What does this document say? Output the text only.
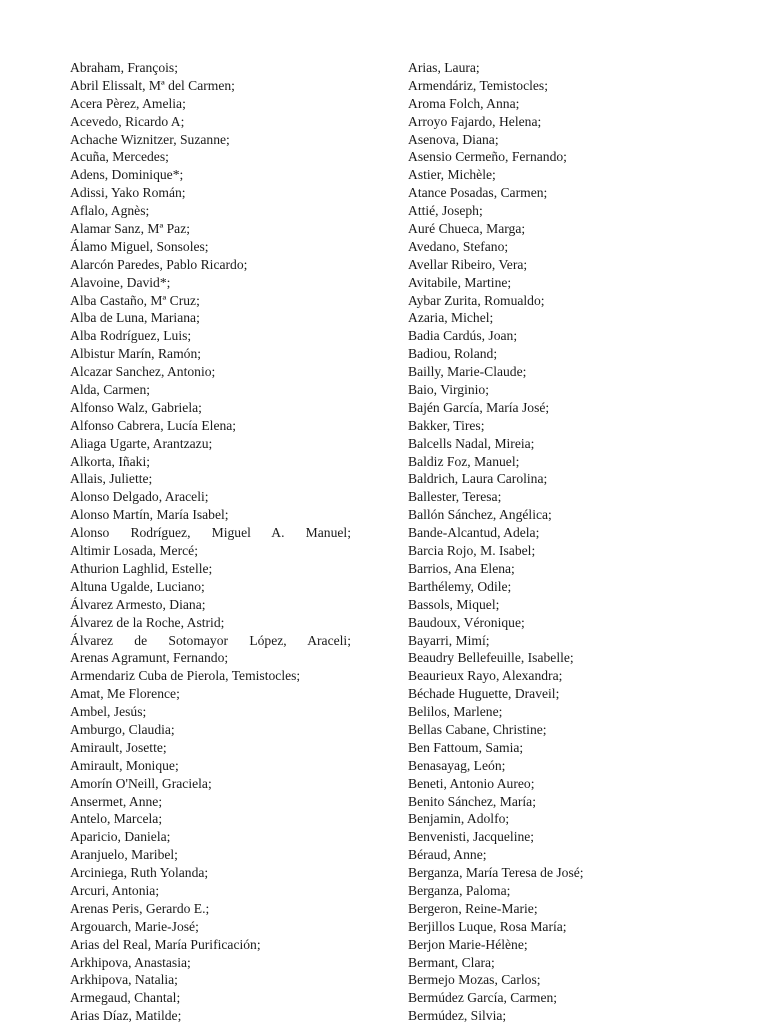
Abraham, François;
Abril Elissalt, Mª del Carmen;
Acera Pèrez, Amelia;
Acevedo, Ricardo A;
Achache Wiznitzer, Suzanne;
Acuña, Mercedes;
Adens, Dominique*;
Adissi, Yako Román;
Aflalo, Agnès;
Alamar Sanz, Mª Paz;
Álamo Miguel, Sonsoles;
Alarcón Paredes, Pablo Ricardo;
Alavoine, David*;
Alba Castaño, Mª Cruz;
Alba de Luna, Mariana;
Alba Rodríguez, Luis;
Albistur Marín, Ramón;
Alcazar Sanchez, Antonio;
Alda, Carmen;
Alfonso Walz, Gabriela;
Alfonso Cabrera, Lucía Elena;
Aliaga Ugarte, Arantzazu;
Alkorta, Iñaki;
Allais, Juliette;
Alonso Delgado, Araceli;
Alonso Martín, María Isabel;
Alonso Rodríguez, Miguel A. Manuel;
Altimir Losada, Mercé;
Athurion Laghlid, Estelle;
Altuna Ugalde, Luciano;
Álvarez Armesto, Diana;
Álvarez de la Roche, Astrid;
Álvarez de Sotomayor López, Araceli;
Arenas Agramunt, Fernando;
Armendariz Cuba de Pierola, Temistocles;
Amat, Me Florence;
Ambel, Jesús;
Amburgo, Claudia;
Amirault, Josette;
Amirault, Monique;
Amorín O'Neill, Graciela;
Ansermet, Anne;
Antelo, Marcela;
Aparicio, Daniela;
Aranjuelo, Maribel;
Arciniega, Ruth Yolanda;
Arcuri, Antonia;
Arenas Peris, Gerardo E.;
Argouarch, Marie-José;
Arias del Real, María Purificación;
Arkhipova, Anastasia;
Arkhipova, Natalia;
Armegaud, Chantal;
Arias Díaz, Matilde;
Arias, Laura;
Armendáriz, Temistocles;
Aroma Folch, Anna;
Arroyo Fajardo, Helena;
Asenova, Diana;
Asensio Cermeño, Fernando;
Astier, Michèle;
Atance Posadas, Carmen;
Attié, Joseph;
Auré Chueca, Marga;
Avedano, Stefano;
Avellar Ribeiro, Vera;
Avitabile, Martine;
Aybar Zurita, Romualdo;
Azaria, Michel;
Badia Cardús, Joan;
Badiou, Roland;
Bailly, Marie-Claude;
Baio, Virginio;
Bajén García, María José;
Bakker, Tires;
Balcells Nadal, Mireia;
Baldiz Foz, Manuel;
Baldrich, Laura Carolina;
Ballester, Teresa;
Ballón Sánchez, Angélica;
Bande-Alcantud, Adela;
Barcia Rojo, M. Isabel;
Barrios, Ana Elena;
Barthélemy, Odile;
Bassols, Miquel;
Baudoux, Véronique;
Bayarri, Mimí;
Beaudry Bellefeuille, Isabelle;
Beaurieux Rayo, Alexandra;
Béchade Huguette, Draveil;
Belilos, Marlene;
Bellas Cabane, Christine;
Ben Fattoum, Samia;
Benasayag, León;
Beneti, Antonio Aureo;
Benito Sánchez, María;
Benjamin, Adolfo;
Benvenisti, Jacqueline;
Béraud, Anne;
Berganza, María Teresa de José;
Berganza, Paloma;
Bergeron, Reine-Marie;
Berjillos Luque, Rosa María;
Berjon Marie-Hélène;
Bermant, Clara;
Bermejo Mozas, Carlos;
Bermúdez García, Carmen;
Bermúdez, Silvia;
